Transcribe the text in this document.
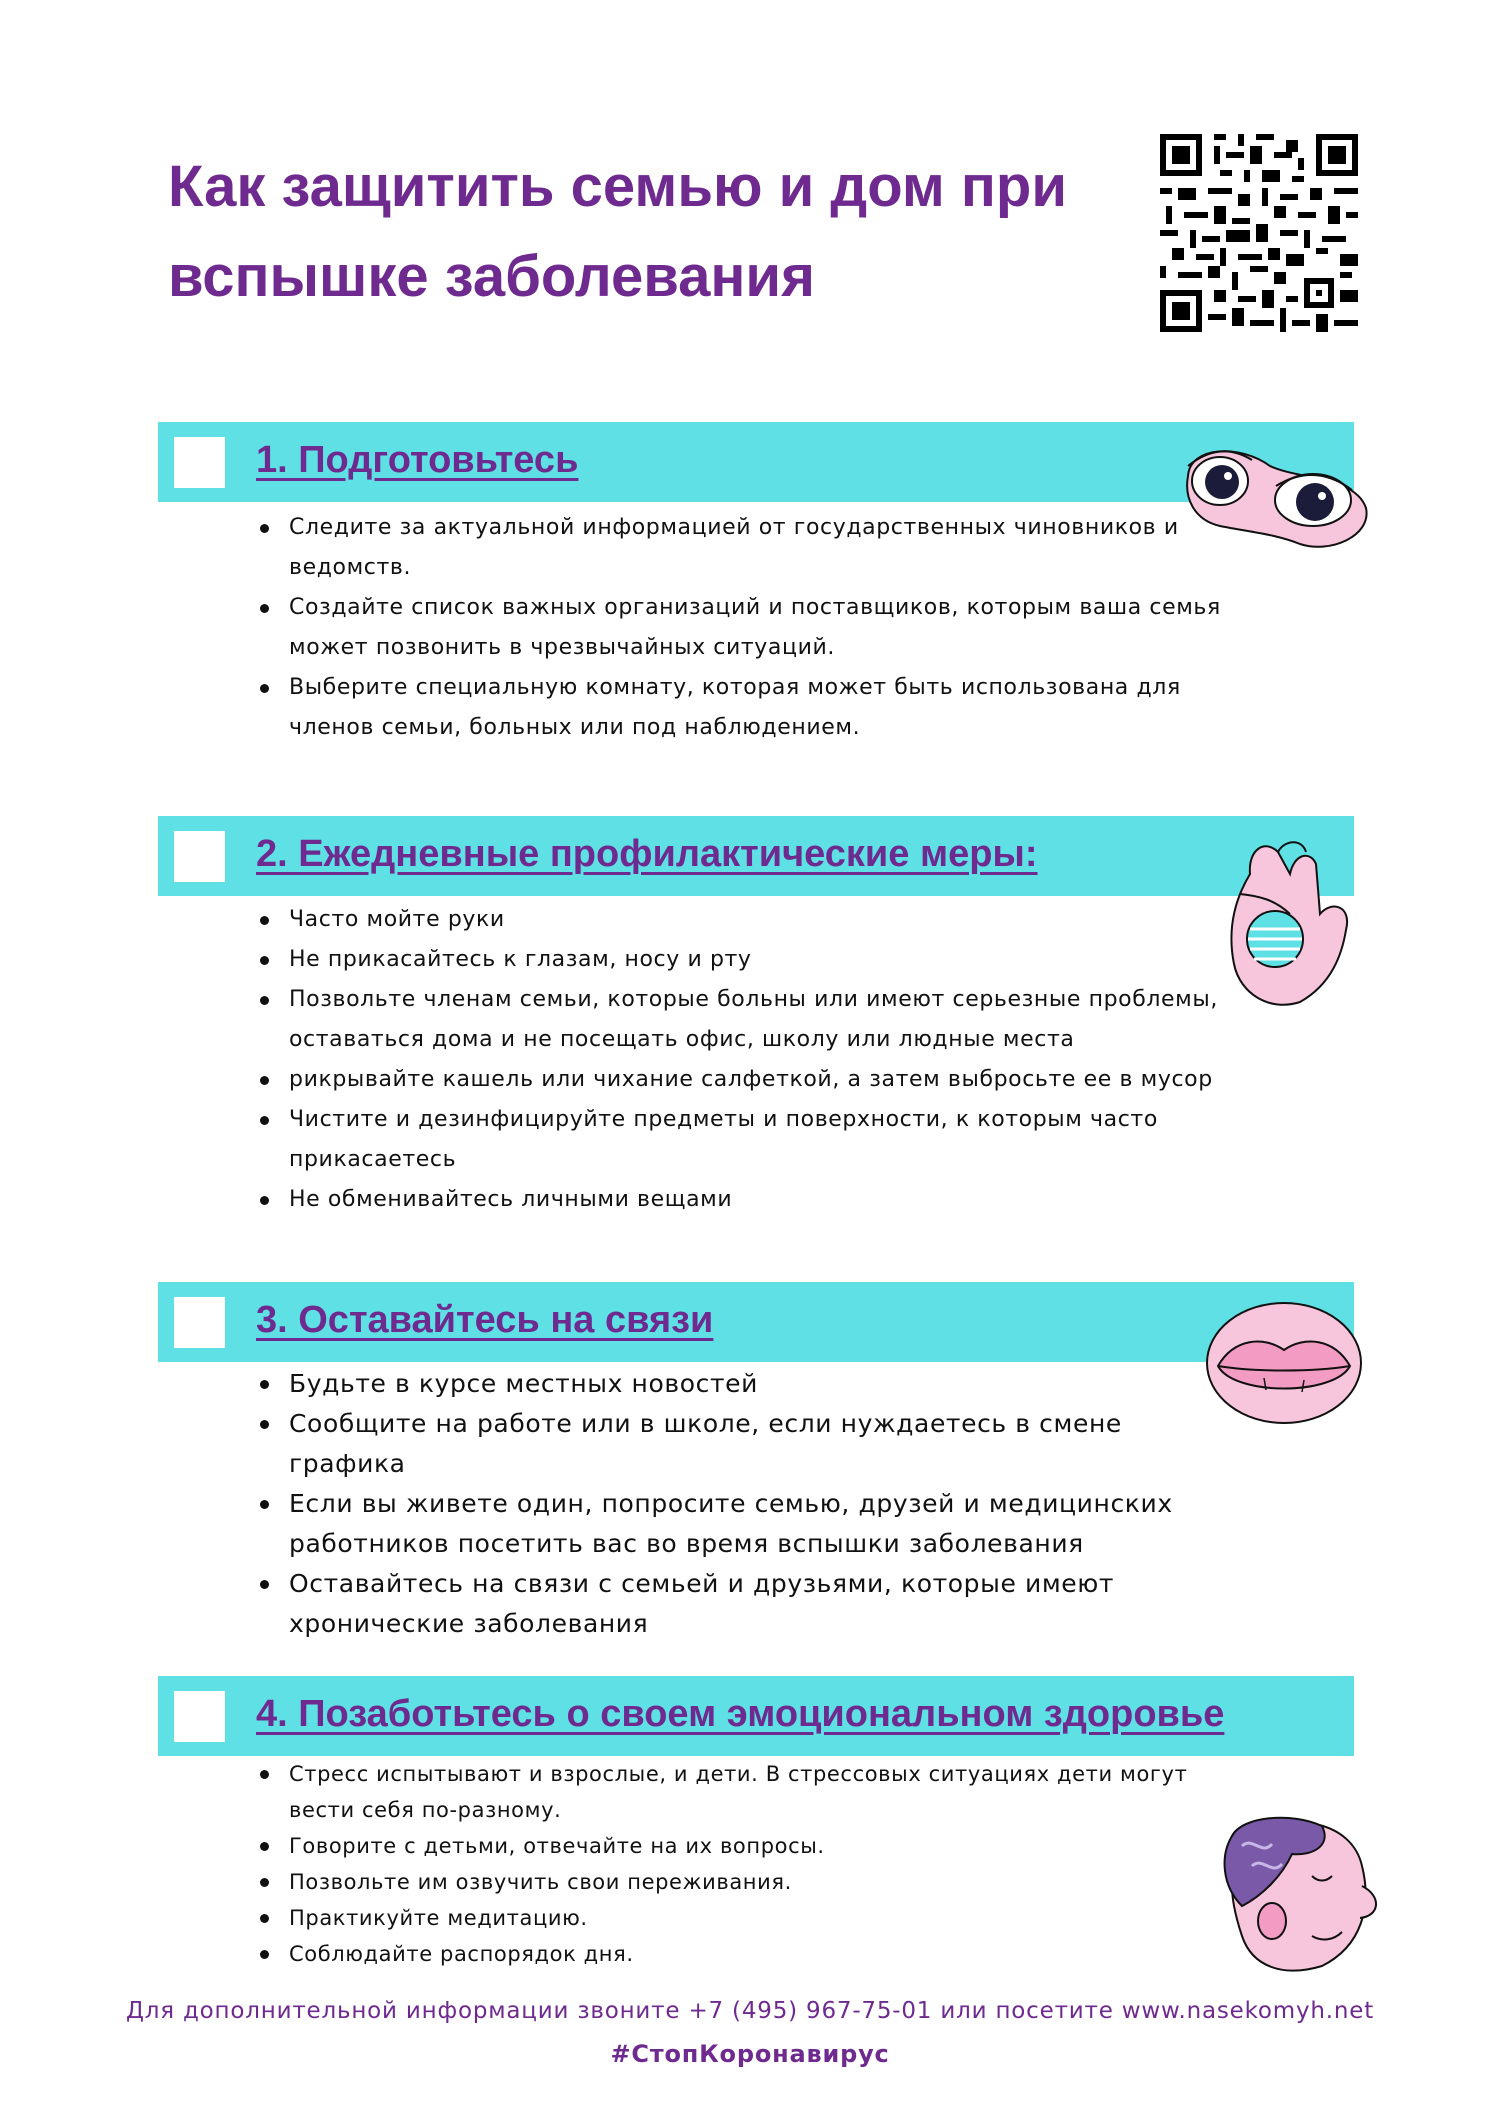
Как защитить семью и дом при вспышке заболевания
1. Подготовьтесь
Следите за актуальной информацией от государственных чиновников и ведомств.
Создайте список важных организаций и поставщиков, которым ваша семья может позвонить в чрезвычайных ситуаций.
Выберите специальную комнату, которая может быть использована для членов семьи, больных или под наблюдением.
2. Ежедневные профилактические меры:
Часто мойте руки
Не прикасайтесь к глазам, носу и рту
Позвольте членам семьи, которые больны или имеют серьезные проблемы, оставаться дома и не посещать офис, школу или людные места
рикрывайте кашель или чихание салфеткой, а затем выбросьте ее в мусор
Чистите и дезинфицируйте предметы и поверхности, к которым часто прикасаетесь
Не обменивайтесь личными вещами
3. Оставайтесь на связи
Будьте в курсе местных новостей
Сообщите на работе или в школе, если нуждаетесь в смене графика
Если вы живете один, попросите семью, друзей и медицинских работников посетить вас во время вспышки заболевания
Оставайтесь на связи с семьей и друзьями, которые имеют хронические заболевания
4. Позаботьтесь о своем эмоциональном здоровье
Стресс испытывают и взрослые, и дети. В стрессовых ситуациях дети могут вести себя по-разному.
Говорите с детьми, отвечайте на их вопросы.
Позвольте им озвучить свои переживания.
Практикуйте медитацию.
Соблюдайте распорядок дня.

Для дополнительной информации звоните +7 (495) 967-75-01 или посетите www.nasekomyh.net

#СтопКоронавирус
